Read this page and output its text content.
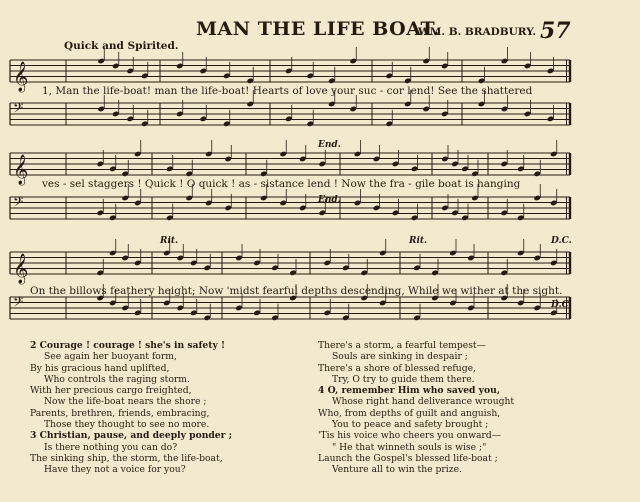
MAN THE LIFE BOAT.
WM. B. BRADBURY. 57
Quick and Spirited.
𝄞
𝄢
𝄞
𝄢
𝄞
𝄢
End.
End.
Rit.	Rit.	D.C.
D.C.
1, Man the life-boat! man the life-boat! Hearts of love your suc - cor lend! See the shattered
ves - sel staggers ! Quick ! O quick ! as - sistance lend ! Now the fra - gile boat is hanging
On the billows feathery height; Now 'midst fearful depths descending, While we wither at the sight.
2 Courage ! courage ! she's in safety !
See again her buoyant form,
By his gracious hand uplifted,
Who controls the raging storm.
With her precious cargo freighted,
Now the life-boat nears the shore ;
Parents, brethren, friends, embracing,
Those they thought to see no more.
3 Christian, pause, and deeply ponder ;
Is there nothing you can do?
The sinking ship, the storm, the life-boat,
Have they not a voice for you?
There's a storm, a fearful tempest—
Souls are sinking in despair ;
There's a shore of blessed refuge,
Try, O try to guide them there.
4 O, remember Him who saved you,
Whose right hand deliverance wrought
Who, from depths of guilt and anguish,
You to peace and safety brought ;
'Tis his voice who cheers you onward—
" He that winneth souls is wise ;"
Launch the Gospel's blessed life-boat ;
Venture all to win the prize.
